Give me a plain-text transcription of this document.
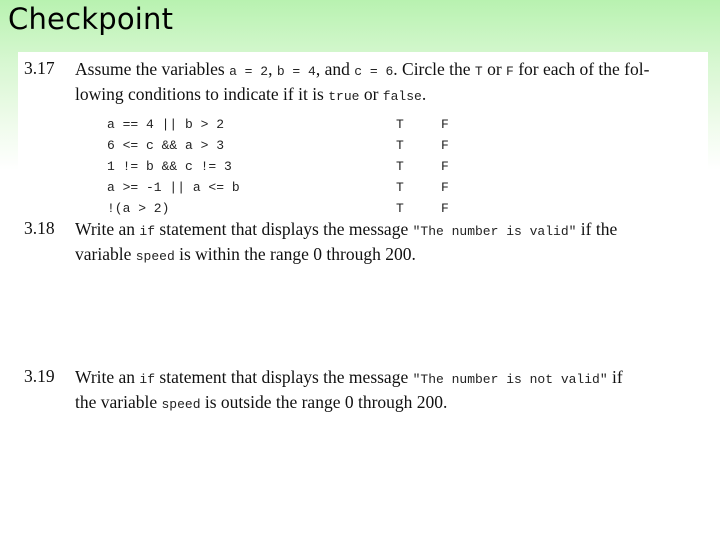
Checkpoint
3.17 Assume the variables a = 2, b = 4, and c = 6. Circle the T or F for each of the fol-
lowing conditions to indicate if it is true or false.
a == 4 || b > 2	T	F
6 <= c && a > 3	T	F
1 != b && c != 3	T	F
a >= -1 || a <= b	T	F
!(a > 2)	T	F
3.18 Write an if statement that displays the message "The number is valid" if the
variable speed is within the range 0 through 200.
3.19 Write an if statement that displays the message "The number is not valid" if
the variable speed is outside the range 0 through 200.
